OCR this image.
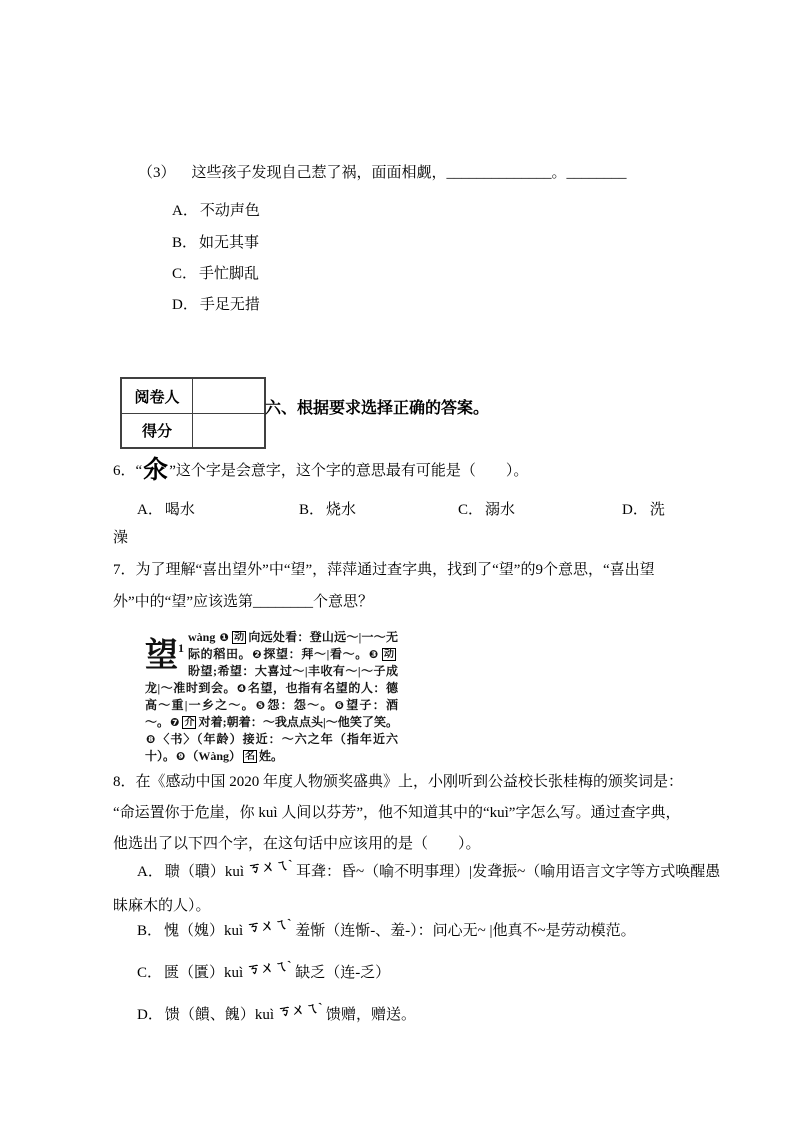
（3） 这些孩子发现自己惹了祸，面面相觑，______________。________
A． 不动声色
B． 如无其事
C． 手忙脚乱
D． 手足无措
阅卷人
得分
六、根据要求选择正确的答案。
6．“氽”这个字是会意字，这个字的意思最有可能是（　　）。
A． 喝水	B． 烧水	C． 溺水	D． 洗
澡
7．为了理解“喜出望外”中“望”，萍萍通过查字典，找到了“望”的9个意思，“喜出望
外”中的“望”应该选第________个意思？
望$^1$
wàng ❶ 动 向远处看：登山远～|一～无际的稻田。❷探望：拜～|看～。❸ 动盼望;希望：大喜过～|丰收有～|～子成龙|～准时到会。❹名望，也指有名望的人：德高～重|一乡之～。❺怨：怨～。❻望子：酒～。❼ 介 对着;朝着：～我点点头|～他笑了笑。❽〈书〉（年龄）接近：～六之年（指年近六十）。❾（Wàng） 名 姓。
8．在《感动中国 2020 年度人物颁奖盛典》上，小刚听到公益校长张桂梅的颁奖词是：
“命运置你于危崖，你 kuì 人间以芬芳”，他不知道其中的“kuì”字怎么写。通过查字典，
他选出了以下四个字，在这句话中应该用的是（　　）。
A． 聩（聵）kuì ㄎㄨㄟˋ 耳聋：昏~（喻不明事理）|发聋振~（喻用语言文字等方式唤醒愚
昧麻木的人）。
B． 愧（媿）kuì ㄎㄨㄟˋ 羞惭（连惭-、羞-）：问心无~ |他真不~是劳动模范。
C． 匮（匱）kuì ㄎㄨㄟˋ 缺乏（连-乏）
D． 馈（饋、餽）kuì ㄎㄨㄟˋ 馈赠，赠送。
